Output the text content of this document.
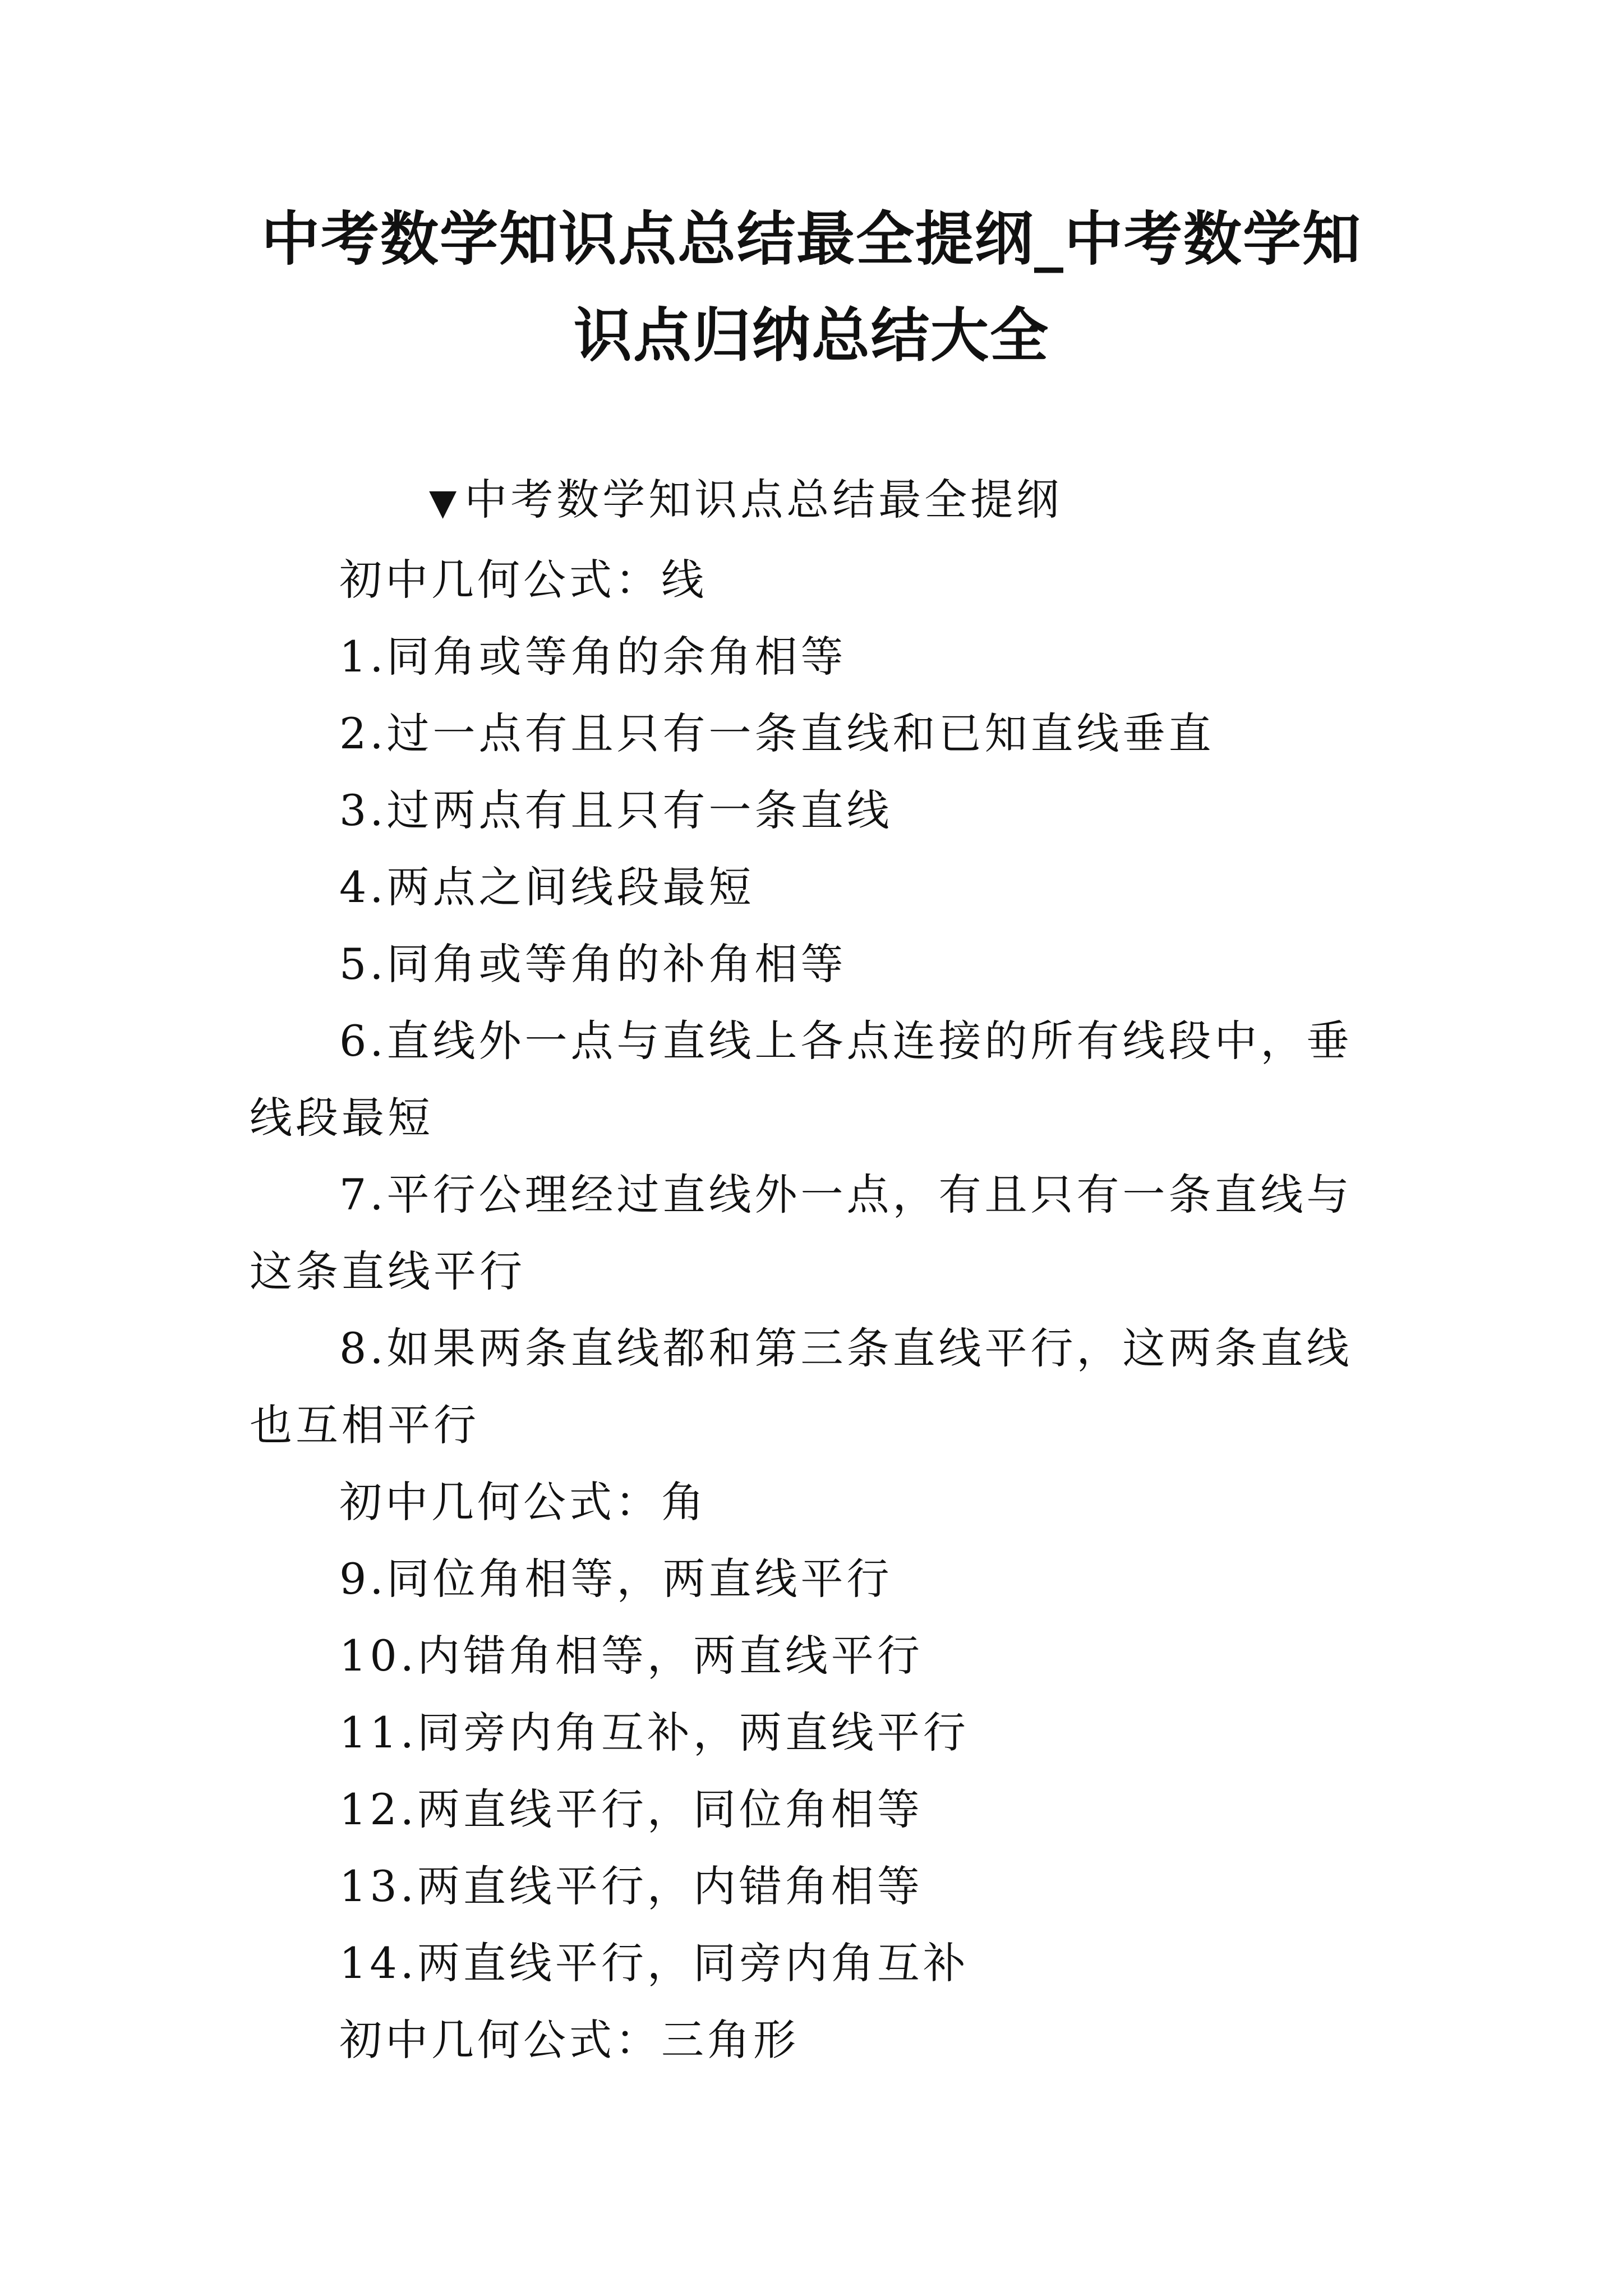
中考数学知识点总结最全提纲_中考数学知
识点归纳总结大全

▼ 中考数学知识点总结最全提纲

初中几何公式：线

1.同角或等角的余角相等

2.过一点有且只有一条直线和已知直线垂直

3.过两点有且只有一条直线

4.两点之间线段最短

5.同角或等角的补角相等

6.直线外一点与直线上各点连接的所有线段中，垂线段最短

7.平行公理经过直线外一点，有且只有一条直线与这条直线平行

8.如果两条直线都和第三条直线平行，这两条直线也互相平行

初中几何公式：角

9.同位角相等，两直线平行

10.内错角相等，两直线平行

11.同旁内角互补，两直线平行

12.两直线平行，同位角相等

13.两直线平行，内错角相等

14.两直线平行，同旁内角互补

初中几何公式：三角形
